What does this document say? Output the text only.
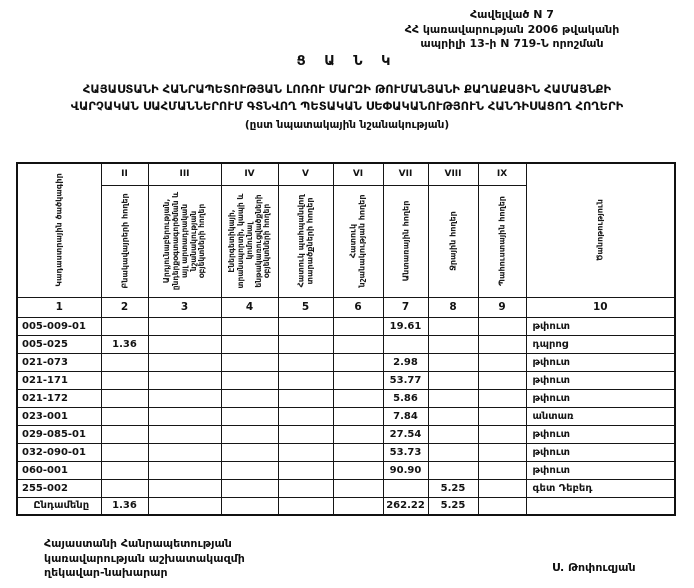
Հավելված N 7
ՀՀ կառավարության 2006 թվականի
ապրիլի 13-ի N 719-Ն որոշման
Ց Ա Ն Կ
ՀԱՅԱՍՏԱՆԻ ՀԱՆՐԱՊԵՏՈՒԹՅԱՆ ԼՈՌՈՒ ՄԱՐԶԻ ԹՈՒՄԱՆՅԱՆԻ ՔԱՂԱՔԱՅԻՆ ՀԱՄԱՅՆՔԻ
ՎԱՐՉԱԿԱՆ ՍԱՀՄԱՆՆԵՐՈՒՄ ԳՏՆՎՈՂ ՊԵՏԱԿԱՆ ՍԵՓԱԿԱՆՈՒԹՅՈՒՆ ՀԱՆԴԻՍԱՑՈՂ ՀՈՂԵՐԻ
(ըստ նպատակային նշանակության)
Կադաստրային ծածկագիր	II	III	IV	V	VI	VII	VIII	IX	Ծանոթություն

	Բնակավայրերի հողեր	Արդյունաբերության, ընդերքօգտագործման և այլ արտադրական նշանակության օբյեկտների հողեր	Էներգետիկայի, տրանսպորտի, կապի և կոմունալ ենթակառուցվածքների օբյեկտների հողեր	Հատուկ պահպանվող տարածքների հողեր	Հատուկ նշանակության հողեր	Անտառային հողեր	Ջրային հողեր	Պահուստային հողեր	

1	2	3	4	5	6	7	8	9	10
005-009-01						19.61			թփուտ
005-025	1.36								դպրոց
021-073						2.98			թփուտ
021-171						53.77			թփուտ
021-172						5.86			թփուտ
023-001						7.84			անտառ
029-085-01						27.54			թփուտ
032-090-01						53.73			թփուտ
060-001						90.90			թփուտ
255-002							5.25		գետ Դեբեդ
Ընդամենը	1.36					262.22	5.25		
Հայաստանի Հանրապետության
կառավարության աշխատակազմի
ղեկավար-նախարար	Ս. Թոփուզյան
